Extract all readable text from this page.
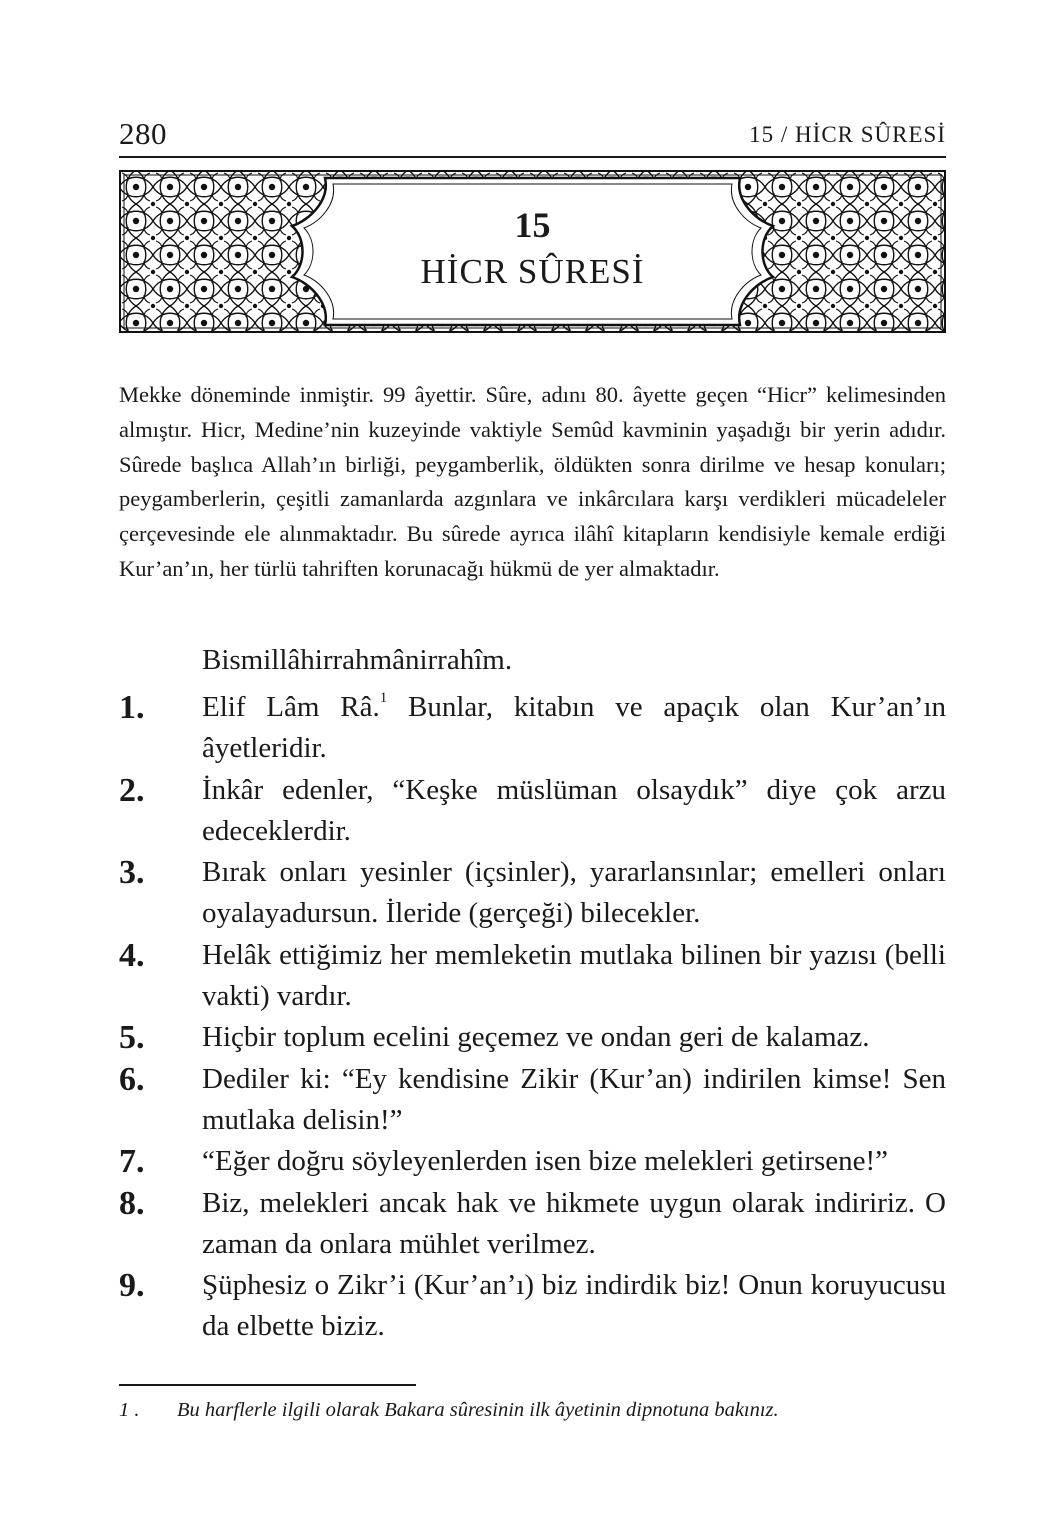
280	15 / HİCR SÛRESİ
15
HİCR SÛRESİ

Mekke döneminde inmiştir. 99 âyettir. Sûre, adını 80. âyette geçen “Hicr” kelimesinden almıştır. Hicr, Medine’nin kuzeyinde vaktiyle Semûd kavminin yaşadığı bir yerin adıdır. Sûrede başlıca Allah’ın birliği, peygamberlik, öldükten sonra dirilme ve hesap konuları; peygamberlerin, çeşitli zamanlarda azgınlara ve inkârcılara karşı verdikleri mücadeleler çerçevesinde ele alınmaktadır. Bu sûrede ayrıca ilâhî kitapların kendisiyle kemale erdiği Kur’an’ın, her türlü tahriften korunacağı hükmü de yer almaktadır.

Bismillâhirrahmânirrahîm.
1.	Elif Lâm Râ.$^1$ Bunlar, kitabın ve apaçık olan Kur’an’ın âyetleridir.
2.	İnkâr edenler, “Keşke müslüman olsaydık” diye çok arzu edeceklerdir.
3.	Bırak onları yesinler (içsinler), yararlansınlar; emelleri onları oyalayadursun. İleride (gerçeği) bilecekler.
4.	Helâk ettiğimiz her memleketin mutlaka bilinen bir yazısı (belli vakti) vardır.
5.	Hiçbir toplum ecelini geçemez ve ondan geri de kalamaz.
6.	Dediler ki: “Ey kendisine Zikir (Kur’an) indirilen kimse! Sen mutlaka delisin!”
7.	“Eğer doğru söyleyenlerden isen bize melekleri getirsene!”
8.	Biz, melekleri ancak hak ve hikmete uygun olarak indiririz. O zaman da onlara mühlet verilmez.
9.	Şüphesiz o Zikr’i (Kur’an’ı) biz indirdik biz! Onun koruyucusu da elbette biziz.
1 . Bu harflerle ilgili olarak Bakara sûresinin ilk âyetinin dipnotuna bakınız.
